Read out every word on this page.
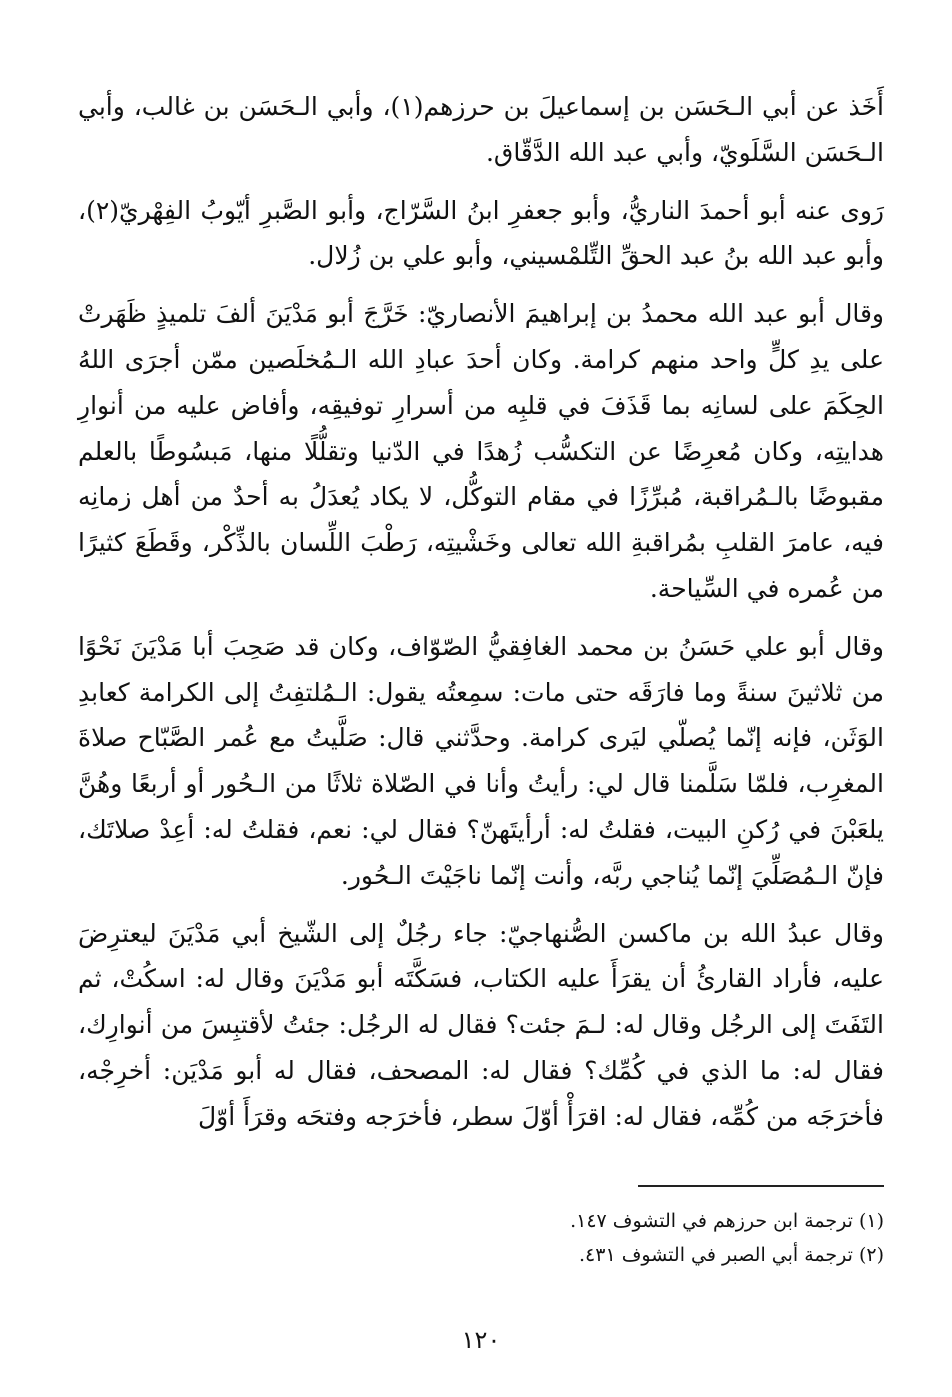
أَخَذ عن أبي الـحَسَن بن إسماعيلَ بن حرزهم(١)، وأبي الـحَسَن بن غالب، وأبي الـحَسَن السَّلَويّ، وأبي عبد الله الدَّقّاق.

رَوى عنه أبو أحمدَ الناريُّ، وأبو جعفرِ ابنُ السَّرّاج، وأبو الصَّبرِ أيّوبُ الفِهْريّ(٢)، وأبو عبد الله بنُ عبد الحقِّ التِّلمْسيني، وأبو علي بن زُلال.

وقال أبو عبد الله محمدُ بن إبراهيمَ الأنصاريّ: خَرَّجَ أبو مَدْيَنَ ألفَ تلميذٍ ظَهَرتْ على يدِ كلٍّ واحد منهم كرامة. وكان أحدَ عبادِ الله الـمُخلَصين ممّن أجرَى اللهُ الحِكَمَ على لسانِه بما قَذَفَ في قلبِه من أسرارِ توفيقِه، وأفاض عليه من أنوارِ هدايتِه، وكان مُعرِضًا عن التكسُّب زُهدًا في الدّنيا وتقلُّلًا منها، مَبسُوطًا بالعلم مقبوضًا بالـمُراقبة، مُبرِّزًا في مقام التوكُّل، لا يكاد يُعدَلُ به أحدٌ من أهل زمانِه فيه، عامرَ القلبِ بمُراقبةِ الله تعالى وخَشْيتِه، رَطْبَ اللِّسان بالذِّكْر، وقَطَعَ كثيرًا من عُمره في السِّياحة.

وقال أبو علي حَسَنُ بن محمد الغافِقيُّ الصّوّاف، وكان قد صَحِبَ أبا مَدْيَنَ نَحْوًا من ثلاثينَ سنةً وما فارَقَه حتى مات: سمِعتُه يقول: الـمُلتفِتُ إلى الكرامة كعابدِ الوَثَن، فإنه إنّما يُصلّي ليَرى كرامة. وحدَّثني قال: صَلَّيتُ مع عُمر الصَّبّاح صلاةَ المغرِب، فلمّا سَلَّمنا قال لي: رأيتُ وأنا في الصّلاة ثلاثًا من الـحُور أو أربعًا وهُنَّ يلعَبْنَ في رُكنِ البيت، فقلتُ له: أرأيتَهنّ؟ فقال لي: نعم، فقلتُ له: أعِدْ صلاتَك، فإنّ الـمُصَلِّيَ إنّما يُناجي ربَّه، وأنت إنّما ناجَيْتَ الـحُور.

وقال عبدُ الله بن ماكسن الصُّنهاجيّ: جاء رجُلٌ إلى الشّيخ أبي مَدْيَنَ ليعترِضَ عليه، فأراد القارئُ أن يقرَأَ عليه الكتاب، فسَكَّتَه أبو مَدْيَنَ وقال له: اسكُتْ، ثم التَفَتَ إلى الرجُل وقال له: لـمَ جئت؟ فقال له الرجُل: جئتُ لأقتبِسَ من أنوارِك، فقال له: ما الذي في كُمِّك؟ فقال له: المصحف، فقال له أبو مَدْيَن: أخرِجْه، فأخرَجَه من كُمِّه، فقال له: اقرَأْ أوّلَ سطر، فأخرَجه وفتحَه وقرَأَ أوّلَ

(١) ترجمة ابن حرزهم في التشوف ١٤٧.

(٢) ترجمة أبي الصبر في التشوف ٤٣١.

١٢٠
